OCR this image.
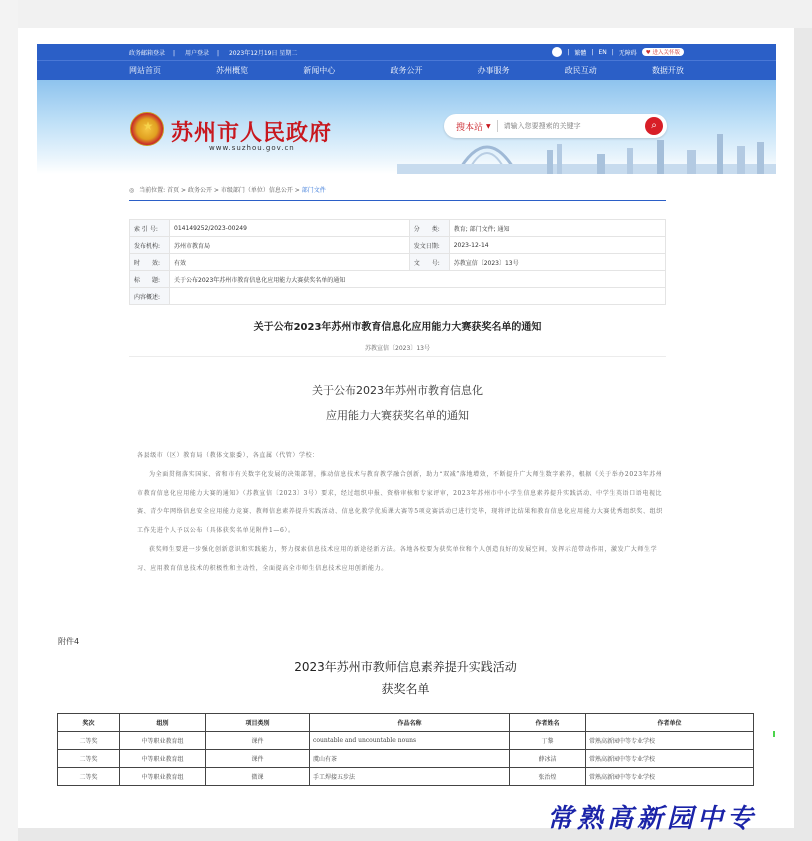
政务邮箱登录 | 用户登录 | 2023年12月19日 星期二	| 繁體 | EN | 无障碍	♥ 进入关怀版
网站首页	苏州概览	新闻中心	政务公开	办事服务	政民互动	数据开放
★ 苏州市人民政府
www.suzhou.gov.cn
搜本站 ▼
请输入您要搜索的关键字	⌕
◎ 当前位置: 首页 > 政务公开 > 市级部门（单位）信息公开 > 部门文件
索 引 号:	014149252/2023-00249	分　　类:	教育; 部门文件; 通知
发布机构:	苏州市教育局	发文日期:	2023-12-14
时　　效:	有效	文　　号:	苏教宣信〔2023〕13号
标　　题:	关于公布2023年苏州市教育信息化应用能力大赛获奖名单的通知		
内容概述:			
关于公布2023年苏州市教育信息化应用能力大赛获奖名单的通知
苏教宣信〔2023〕13号
关于公布2023年苏州市教育信息化
应用能力大赛获奖名单的通知

各县级市（区）教育局（教体文旅委），各直属（代管）学校：

为全面贯彻落实国家、省和市有关数字化发展的决策部署，推动信息技术与教育教学融合创新，助力“双减”落地增效，不断提升广大师生数字素养，根据《关于举办2023年苏州市教育信息化应用能力大赛的通知》（苏教宣信〔2023〕3号）要求，经过组织申报、资格审核和专家评审，2023年苏州市中小学生信息素养提升实践活动、中学生英语口语电视比赛、青少年网络信息安全应用能力竞赛、教师信息素养提升实践活动、信息化教学优质课大赛等5项竞赛活动已进行完毕，现将评比结果和教育信息化应用能力大赛优秀组织奖、组织工作先进个人予以公布（具体获奖名单见附件1—6）。

获奖师生要进一步强化创新意识和实践能力，努力探索信息技术应用的新途径新方法。各地各校要为获奖单位和个人创造良好的发展空间，发挥示范带动作用，激发广大师生学习、应用教育信息技术的积极性和主动性，全面提高全市师生信息技术应用创新能力。

附件4
2023年苏州市教师信息素养提升实践活动
获奖名单
奖次	组别	项目类别	作品名称	作者姓名	作者单位
二等奖	中等职业教育组	课件	countable and uncountable nouns	丁黎	常熟高新园中等专业学校
二等奖	中等职业教育组	课件	虞山有茶	薛冰洁	常熟高新园中等专业学校
二等奖	中等职业教育组	微课	手工焊接五步法	张治煌	常熟高新园中等专业学校
常熟高新园中专
